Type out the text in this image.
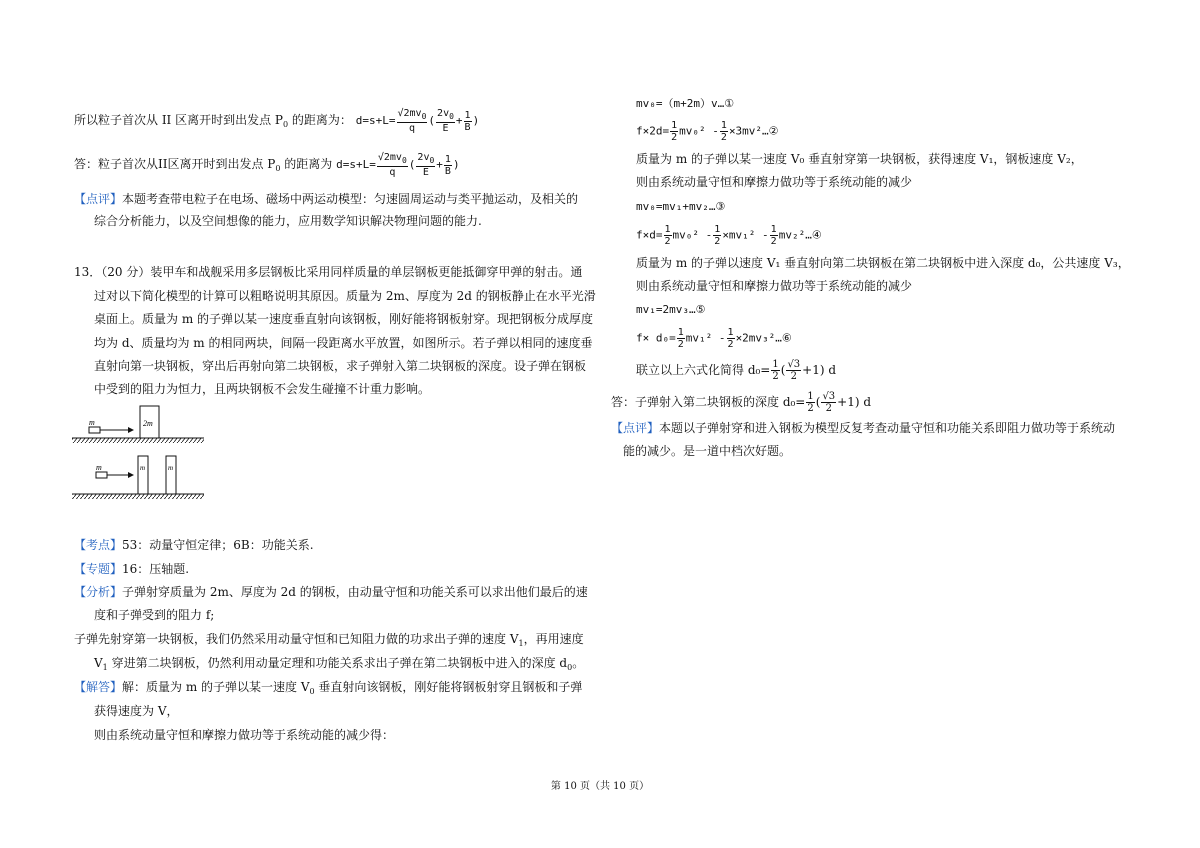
所以粒子首次从 II 区离开时到出发点 $P_0$ 的距离为： $d=s+L= \frac{√2mv_0}{q}$ ( $\frac{2v_0}{E} + \frac{1}{B}$ )
答：粒子首次从II区离开时到出发点 $P_0$ 的距离为 $d=s+L= \frac{√2mv_0}{q}$ ( $\frac{2v_0}{E} + \frac{1}{B}$ )
【点评】本题考查带电粒子在电场、磁场中两运动模型：匀速圆周运动与类平抛运动，及相关的
综合分析能力，以及空间想像的能力，应用数学知识解决物理问题的能力.
13．（20 分）装甲车和战舰采用多层钢板比采用同样质量的单层钢板更能抵御穿甲弹的射击。通
过对以下简化模型的计算可以粗略说明其原因。质量为 2m、厚度为 2d 的钢板静止在水平光滑
桌面上。质量为 m 的子弹以某一速度垂直射向该钢板，刚好能将钢板射穿。现把钢板分成厚度
均为 d、质量均为 m 的相同两块，间隔一段距离水平放置，如图所示。若子弹以相同的速度垂
直射向第一块钢板，穿出后再射向第二块钢板，求子弹射入第二块钢板的深度。设子弹在钢板
中受到的阻力为恒力，且两块钢板不会发生碰撞不计重力影响。
m	2m
m	m	m
【考点】53：动量守恒定律；6B：功能关系.
【专题】16：压轴题.
【分析】子弹射穿质量为 2m、厚度为 2d 的钢板，由动量守恒和功能关系可以求出他们最后的速
度和子弹受到的阻力 f;
子弹先射穿第一块钢板，我们仍然采用动量守恒和已知阻力做的功求出子弹的速度 $V_1$，再用速度
$V_1$ 穿进第二块钢板，仍然利用动量定理和功能关系求出子弹在第二块钢板中进入的深度 $d_0$。
【解答】解：质量为 m 的子弹以某一速度 $V_0$ 垂直射向该钢板，刚好能将钢板射穿且钢板和子弹
获得速度为 V，
则由系统动量守恒和摩擦力做功等于系统动能的减少得：
mv₀=（m+2m）v…①
$f\times 2d= \frac{1}{2} mv_0^2 - \frac{1}{2}$ ×3mv²…②
质量为 m 的子弹以某一速度 V₀ 垂直射穿第一块钢板，获得速度 V₁，钢板速度 V₂，
则由系统动量守恒和摩擦力做功等于系统动能的减少
mv₀=mv₁+mv₂…③
$f\times d= \frac{1}{2} mv_0^2 - \frac{1}{2} \times mv_1^2 - \frac{1}{2}$ mv₂²…④
质量为 m 的子弹以速度 V₁ 垂直射向第二块钢板在第二块钢板中进入深度 d₀，公共速度 V₃，
则由系统动量守恒和摩擦力做功等于系统动能的减少
mv₁=2mv₃…⑤
$f\times d_0= \frac{1}{2} mv_1^2 - \frac{1}{2}$ ×2mv₃²…⑥
联立以上六式化简得 $d_0= \frac{1}{2}$ ( $\frac{√3}{2} +1$) d
答：子弹射入第二块钢板的深度 $d_0= \frac{1}{2}$ ( $\frac{√3}{2} +1$) d
【点评】本题以子弹射穿和进入钢板为模型反复考查动量守恒和功能关系即阻力做功等于系统动
能的减少。是一道中档次好题。
第 10 页（共 10 页）
